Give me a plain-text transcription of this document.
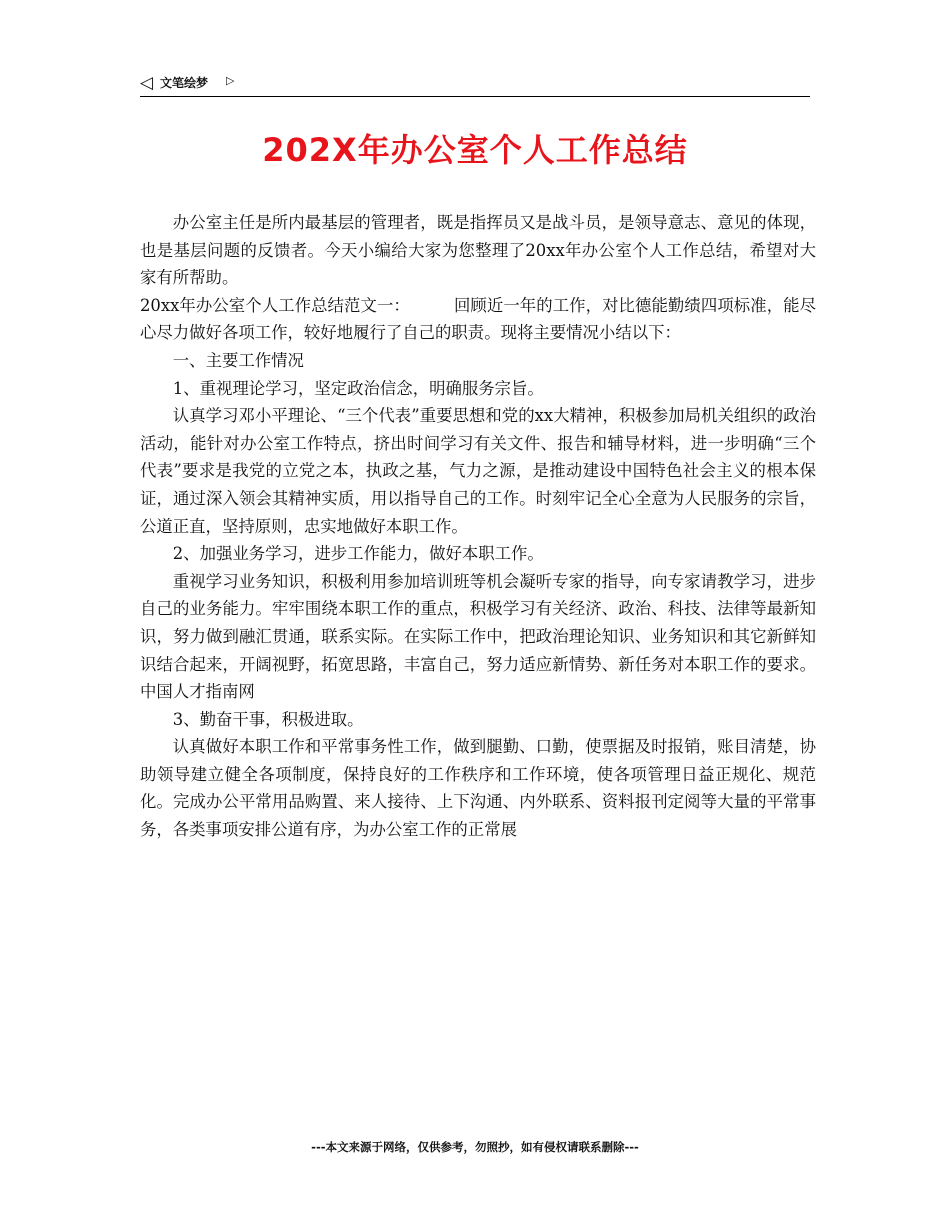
◁ 文笔绘梦 ▷
202X年办公室个人工作总结

办公室主任是所内最基层的管理者，既是指挥员又是战斗员，是领导意志、意见的体现，也是基层问题的反馈者。今天小编给大家为您整理了20xx年办公室个人工作总结，希望对大家有所帮助。

20xx年办公室个人工作总结范文一：	回顾近一年的工作，对比德能勤绩四项标准，能尽心尽力做好各项工作，较好地履行了自己的职责。现将主要情况小结以下：

一、主要工作情况

1、重视理论学习，坚定政治信念，明确服务宗旨。

认真学习邓小平理论、“三个代表”重要思想和党的xx大精神，积极参加局机关组织的政治活动，能针对办公室工作特点，挤出时间学习有关文件、报告和辅导材料，进一步明确“三个代表”要求是我党的立党之本，执政之基，气力之源，是推动建设中国特色社会主义的根本保证，通过深入领会其精神实质，用以指导自己的工作。时刻牢记全心全意为人民服务的宗旨，公道正直，坚持原则，忠实地做好本职工作。

2、加强业务学习，进步工作能力，做好本职工作。

重视学习业务知识，积极利用参加培训班等机会凝听专家的指导，向专家请教学习，进步自己的业务能力。牢牢围绕本职工作的重点，积极学习有关经济、政治、科技、法律等最新知识，努力做到融汇贯通，联系实际。在实际工作中，把政治理论知识、业务知识和其它新鲜知识结合起来，开阔视野，拓宽思路，丰富自己，努力适应新情势、新任务对本职工作的要求。中国人才指南网

3、勤奋干事，积极进取。

认真做好本职工作和平常事务性工作，做到腿勤、口勤，使票据及时报销，账目清楚，协助领导建立健全各项制度，保持良好的工作秩序和工作环境，使各项管理日益正规化、规范化。完成办公平常用品购置、来人接待、上下沟通、内外联系、资料报刊定阅等大量的平常事务，各类事项安排公道有序，为办公室工作的正常展

---本文来源于网络，仅供参考，勿照抄，如有侵权请联系删除---
